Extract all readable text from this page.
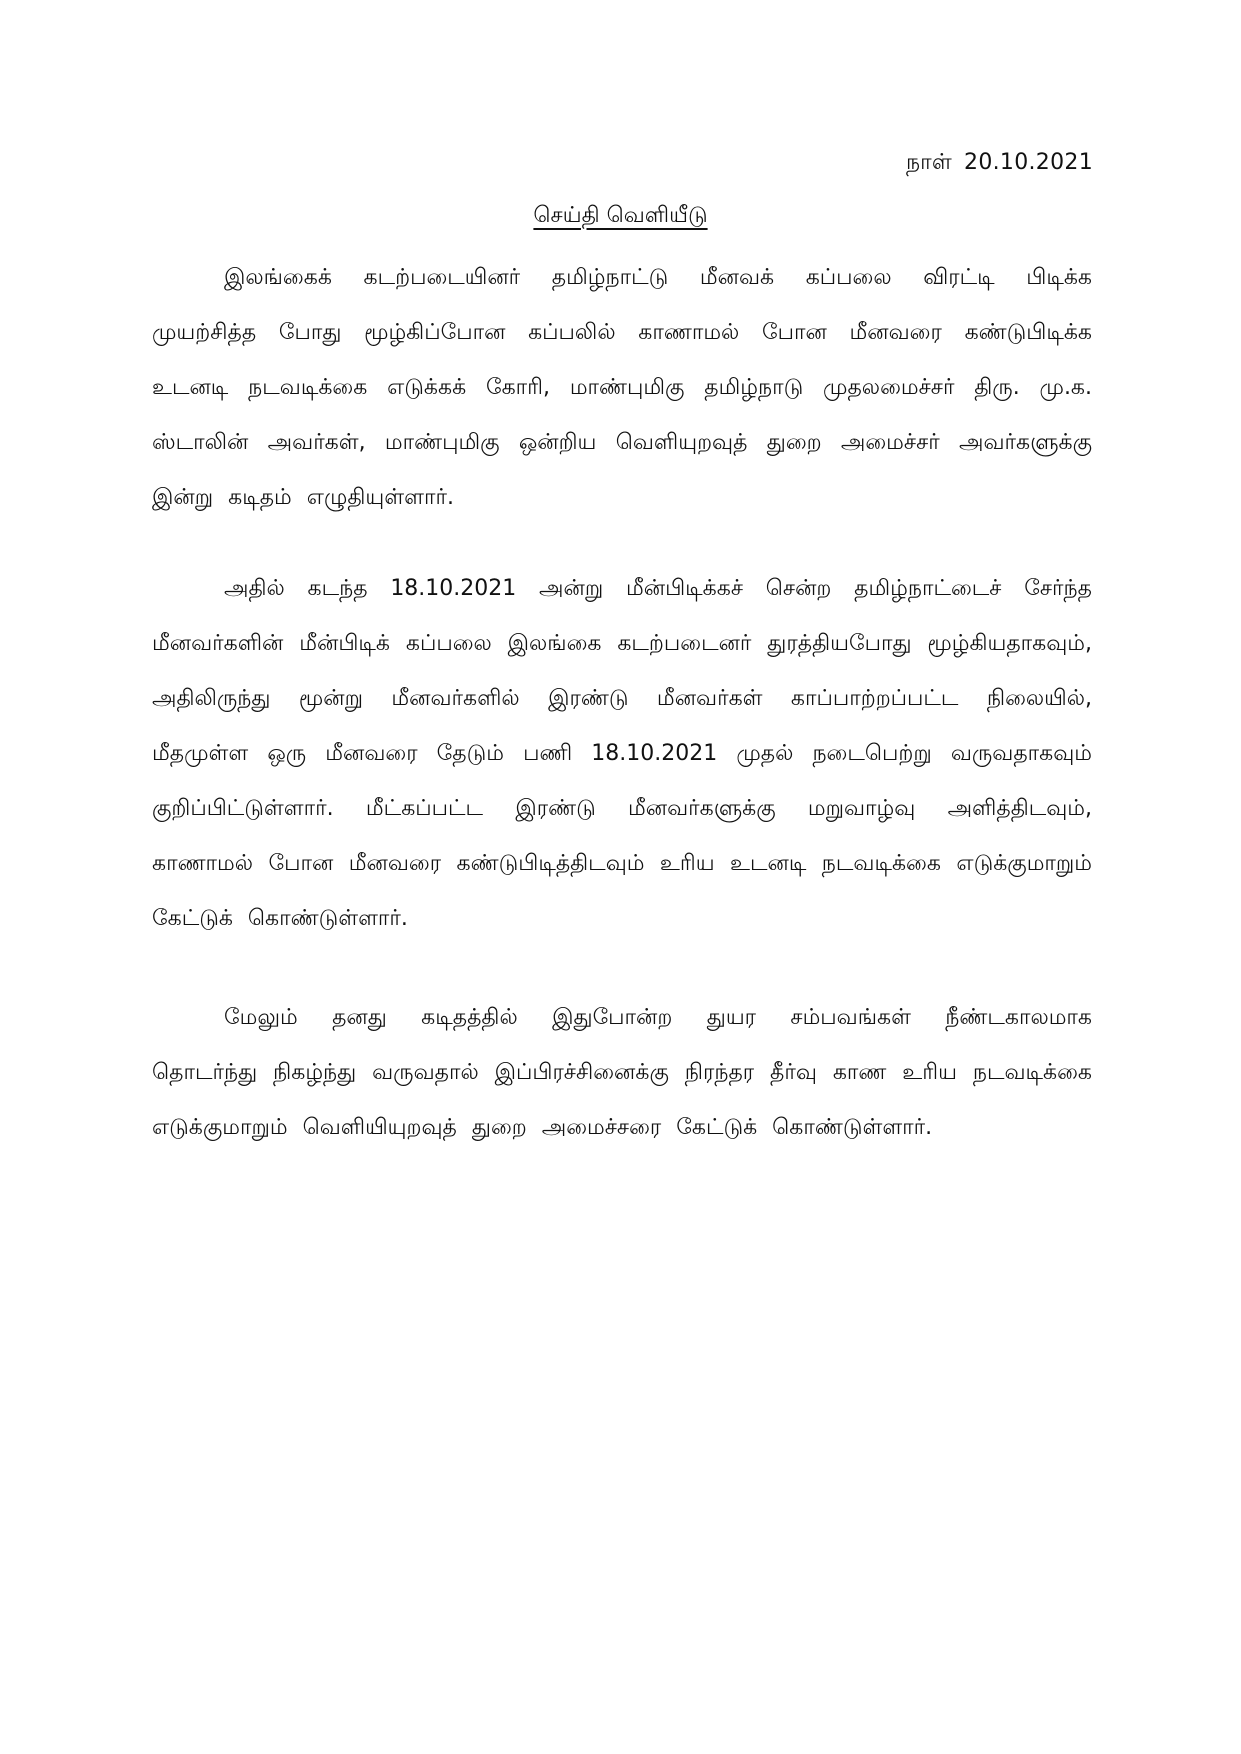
நாள் 20.10.2021
செய்தி வெளியீடு

இலங்கைக் கடற்படையினர் தமிழ்நாட்டு மீனவக் கப்பலை விரட்டி பிடிக்க முயற்சித்த போது மூழ்கிப்போன கப்பலில் காணாமல் போன மீனவரை கண்டுபிடிக்க உடனடி நடவடிக்கை எடுக்கக் கோரி, மாண்புமிகு தமிழ்நாடு முதலமைச்சர் திரு. மு.க. ஸ்டாலின் அவர்கள், மாண்புமிகு ஒன்றிய வெளியுறவுத் துறை அமைச்சர் அவர்களுக்கு இன்று கடிதம் எழுதியுள்ளார்.

அதில் கடந்த 18.10.2021 அன்று மீன்பிடிக்கச் சென்ற தமிழ்நாட்டைச் சேர்ந்த மீனவர்களின் மீன்பிடிக் கப்பலை இலங்கை கடற்படைனர் துரத்தியபோது மூழ்கியதாகவும், அதிலிருந்து மூன்று மீனவர்களில் இரண்டு மீனவர்கள் காப்பாற்றப்பட்ட நிலையில், மீதமுள்ள ஒரு மீனவரை தேடும் பணி 18.10.2021 முதல் நடைபெற்று வருவதாகவும் குறிப்பிட்டுள்ளார். மீட்கப்பட்ட இரண்டு மீனவர்களுக்கு மறுவாழ்வு அளித்திடவும், காணாமல் போன மீனவரை கண்டுபிடித்திடவும் உரிய உடனடி நடவடிக்கை எடுக்குமாறும் கேட்டுக் கொண்டுள்ளார்.

மேலும் தனது கடிதத்தில் இதுபோன்ற துயர சம்பவங்கள் நீண்டகாலமாக தொடர்ந்து நிகழ்ந்து வருவதால் இப்பிரச்சினைக்கு நிரந்தர தீர்வு காண உரிய நடவடிக்கை எடுக்குமாறும் வெளியியுறவுத் துறை அமைச்சரை கேட்டுக் கொண்டுள்ளார்.
